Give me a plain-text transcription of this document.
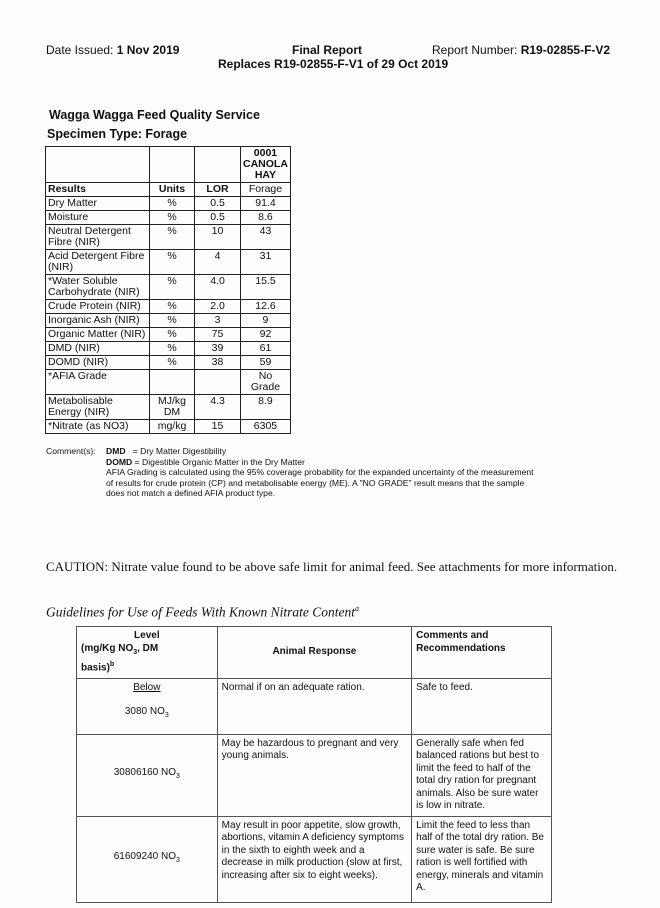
Date Issued: 1 Nov 2019	Final Report	Report Number: R19-02855-F-V2
Replaces R19-02855-F-V1 of 29 Oct 2019
Wagga Wagga Feed Quality Service
Specimen Type: Forage

			0001
CANOLA
HAY

Results	Units	LOR	Forage
Dry Matter	%	0.5	91.4
Moisture	%	0.5	8.6
Neutral Detergent Fibre (NIR)	%	10	43
Acid Detergent Fibre (NIR)	%	4	31
*Water Soluble Carbohydrate (NIR)	%	4.0	15.5
Crude Protein (NIR)	%	2.0	12.6
Inorganic Ash (NIR)	%	3	9
Organic Matter (NIR)	%	75	92
DMD (NIR)	%	39	61
DOMD (NIR)	%	38	59
*AFIA Grade			No Grade
Metabolisable Energy (NIR)	MJ/kg DM	4.3	8.9
*Nitrate (as NO3)	mg/kg	15	6305
Comment(s): DMD = Dry Matter Digestibility
DOMD = Digestible Organic Matter in the Dry Matter
AFIA Grading is calculated using the 95% coverage probability for the expanded uncertainty of the measurement
of results for crude protein (CP) and metabolisable energy (ME). A "NO GRADE" result means that the sample
does not match a defined AFIA product type.
CAUTION: Nitrate value found to be above safe limit for animal feed. See attachments for more information.
Guidelines for Use of Feeds With Known Nitrate Content$^a$
Level
(mg/Kg $NO_3$, DM
basis)$^b$	Animal Response	Comments and Recommendations

Below
3080 $NO_3$	Normal if on an adequate ration.	Safe to feed.
30806160 $NO_3$	May be hazardous to pregnant and very young animals.	Generally safe when fed balanced rations but best to limit the feed to half of the total dry ration for pregnant animals. Also be sure water is low in nitrate.
61609240 $NO_3$	May result in poor appetite, slow growth, abortions, vitamin A deficiency symptoms in the sixth to eighth week and a decrease in milk production (slow at first, increasing after six to eight weeks).	Limit the feed to less than half of the total dry ration. Be sure water is safe. Be sure ration is well fortified with energy, minerals and vitamin A.
